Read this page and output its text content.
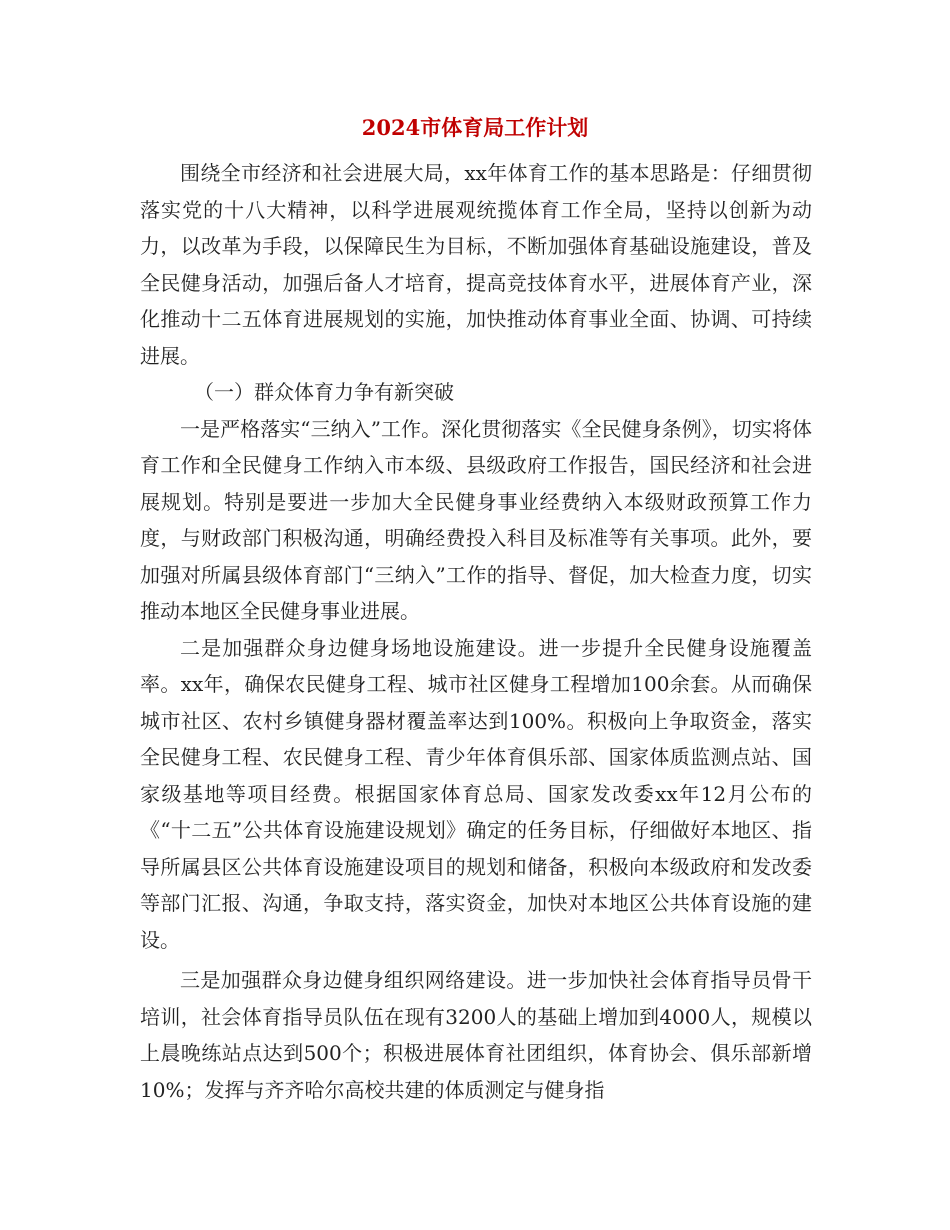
2024市体育局工作计划

围绕全市经济和社会进展大局，xx年体育工作的基本思路是：仔细贯彻落实党的十八大精神，以科学进展观统揽体育工作全局，坚持以创新为动力，以改革为手段，以保障民生为目标，不断加强体育基础设施建设，普及全民健身活动，加强后备人才培育，提高竞技体育水平，进展体育产业，深化推动十二五体育进展规划的实施，加快推动体育事业全面、协调、可持续进展。

（一）群众体育力争有新突破

一是严格落实“三纳入”工作。深化贯彻落实《全民健身条例》，切实将体育工作和全民健身工作纳入市本级、县级政府工作报告，国民经济和社会进展规划。特别是要进一步加大全民健身事业经费纳入本级财政预算工作力度，与财政部门积极沟通，明确经费投入科目及标准等有关事项。此外，要加强对所属县级体育部门“三纳入”工作的指导、督促，加大检查力度，切实推动本地区全民健身事业进展。

二是加强群众身边健身场地设施建设。进一步提升全民健身设施覆盖率。xx年，确保农民健身工程、城市社区健身工程增加100余套。从而确保城市社区、农村乡镇健身器材覆盖率达到100%。积极向上争取资金，落实全民健身工程、农民健身工程、青少年体育俱乐部、国家体质监测点站、国家级基地等项目经费。根据国家体育总局、国家发改委xx年12月公布的《“十二五”公共体育设施建设规划》确定的任务目标，仔细做好本地区、指导所属县区公共体育设施建设项目的规划和储备，积极向本级政府和发改委等部门汇报、沟通，争取支持，落实资金，加快对本地区公共体育设施的建设。

三是加强群众身边健身组织网络建设。进一步加快社会体育指导员骨干培训，社会体育指导员队伍在现有3200人的基础上增加到4000人，规模以上晨晚练站点达到500个；积极进展体育社团组织，体育协会、俱乐部新增10%；发挥与齐齐哈尔高校共建的体质测定与健身指
